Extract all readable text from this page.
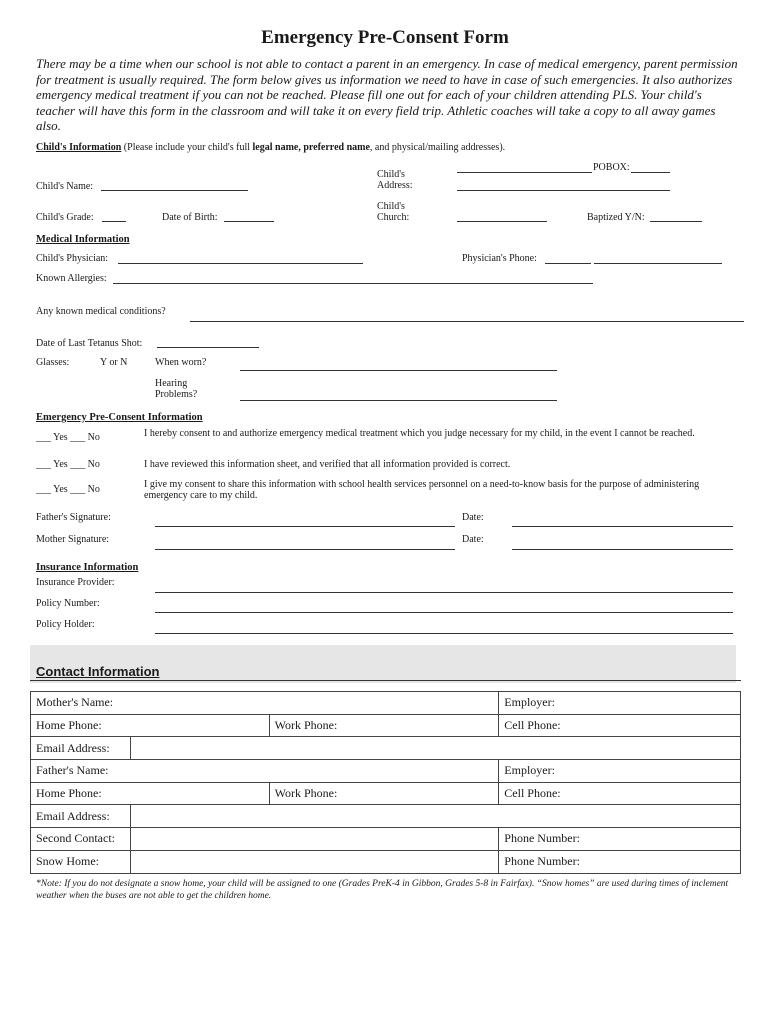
Emergency Pre-Consent Form
There may be a time when our school is not able to contact a parent in an emergency. In case of medical emergency, parent permission for treatment is usually required. The form below gives us information we need to have in case of such emergencies. It also authorizes emergency medical treatment if you can not be reached. Please fill one out for each of your children attending PLS. Your child's teacher will have this form in the classroom and will take it on every field trip. Athletic coaches will take a copy to all away games also.
Child's Information (Please include your child's full legal name, preferred name, and physical/mailing addresses).
Child's Name:
Child's Address:
POBOX:
Child's Grade:	Date of Birth:
Child's Church:	Baptized Y/N:
Medical Information
Child's Physician:	Physician's Phone:
Known Allergies:
Any known medical conditions?
Date of Last Tetanus Shot:
Glasses:	Y or N	When worn?
Hearing Problems?
Emergency Pre-Consent Information
___ Yes ___ No	I hereby consent to and authorize emergency medical treatment which you judge necessary for my child, in the event I cannot be reached.
___ Yes ___ No	I have reviewed this information sheet, and verified that all information provided is correct.
___ Yes ___ No	I give my consent to share this information with school health services personnel on a need-to-know basis for the purpose of administering emergency care to my child.
Father's Signature:	Date:
Mother Signature:	Date:
Insurance Information
Insurance Provider:
Policy Number:
Policy Holder:
Contact Information
Mother's Name:			Employer:
Home Phone:		Work Phone:	Cell Phone:
Email Address:			
Father's Name:			Employer:
Home Phone:		Work Phone:	Cell Phone:
Email Address:			
Second Contact:			Phone Number:
Snow Home:			Phone Number:
*Note: If you do not designate a snow home, your child will be assigned to one (Grades PreK-4 in Gibbon, Grades 5-8 in Fairfax). “Snow homes” are used during times of inclement weather when the buses are not able to get the children home.
